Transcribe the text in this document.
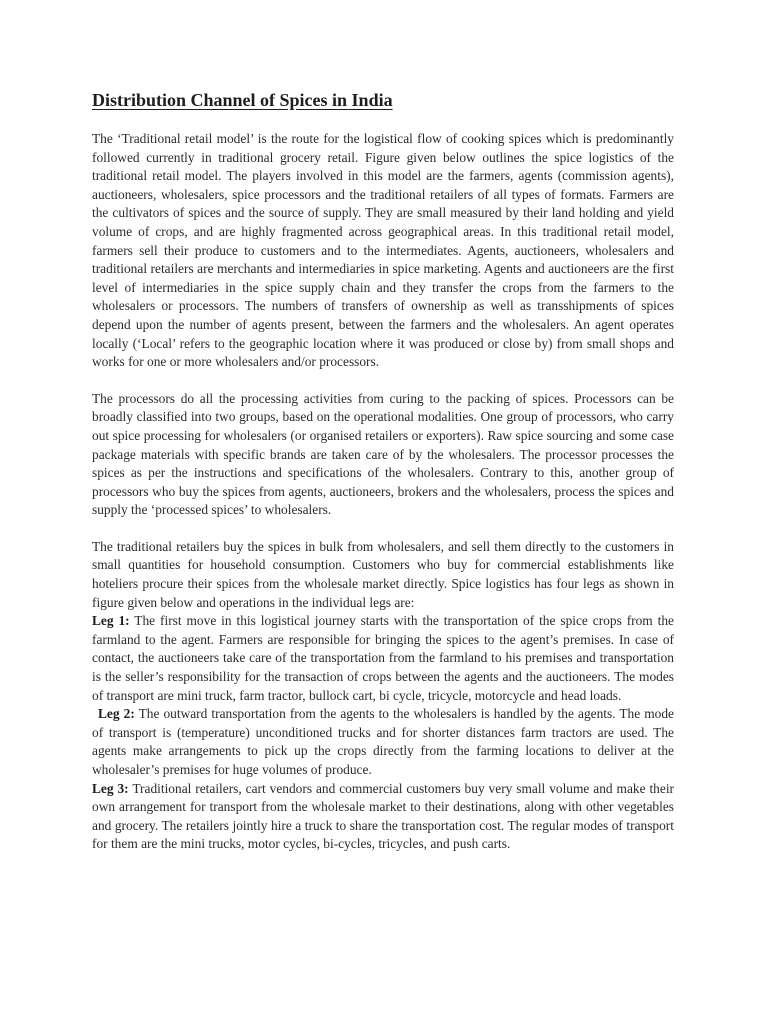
Distribution Channel of Spices in India

The ‘Traditional retail model’ is the route for the logistical flow of cooking spices which is predominantly followed currently in traditional grocery retail. Figure given below outlines the spice logistics of the traditional retail model. The players involved in this model are the farmers, agents (commission agents), auctioneers, wholesalers, spice processors and the traditional retailers of all types of formats. Farmers are the cultivators of spices and the source of supply. They are small measured by their land holding and yield volume of crops, and are highly fragmented across geographical areas. In this traditional retail model, farmers sell their produce to customers and to the intermediates. Agents, auctioneers, wholesalers and traditional retailers are merchants and intermediaries in spice marketing. Agents and auctioneers are the first level of intermediaries in the spice supply chain and they transfer the crops from the farmers to the wholesalers or processors. The numbers of transfers of ownership as well as transshipments of spices depend upon the number of agents present, between the farmers and the wholesalers. An agent operates locally (‘Local’ refers to the geographic location where it was produced or close by) from small shops and works for one or more wholesalers and/or processors.

The processors do all the processing activities from curing to the packing of spices. Processors can be broadly classified into two groups, based on the operational modalities. One group of processors, who carry out spice processing for wholesalers (or organised retailers or exporters). Raw spice sourcing and some case package materials with specific brands are taken care of by the wholesalers. The processor processes the spices as per the instructions and specifications of the wholesalers. Contrary to this, another group of processors who buy the spices from agents, auctioneers, brokers and the wholesalers, process the spices and supply the ‘processed spices’ to wholesalers.

The traditional retailers buy the spices in bulk from wholesalers, and sell them directly to the customers in small quantities for household consumption. Customers who buy for commercial establishments like hoteliers procure their spices from the wholesale market directly. Spice logistics has four legs as shown in figure given below and operations in the individual legs are:

Leg 1: The first move in this logistical journey starts with the transportation of the spice crops from the farmland to the agent. Farmers are responsible for bringing the spices to the agent’s premises. In case of contact, the auctioneers take care of the transportation from the farmland to his premises and transportation is the seller’s responsibility for the transaction of crops between the agents and the auctioneers. The modes of transport are mini truck, farm tractor, bullock cart, bi cycle, tricycle, motorcycle and head loads.

Leg 2: The outward transportation from the agents to the wholesalers is handled by the agents. The mode of transport is (temperature) unconditioned trucks and for shorter distances farm tractors are used. The agents make arrangements to pick up the crops directly from the farming locations to deliver at the wholesaler’s premises for huge volumes of produce.

Leg 3: Traditional retailers, cart vendors and commercial customers buy very small volume and make their own arrangement for transport from the wholesale market to their destinations, along with other vegetables and grocery. The retailers jointly hire a truck to share the transportation cost. The regular modes of transport for them are the mini trucks, motor cycles, bi-cycles, tricycles, and push carts.
